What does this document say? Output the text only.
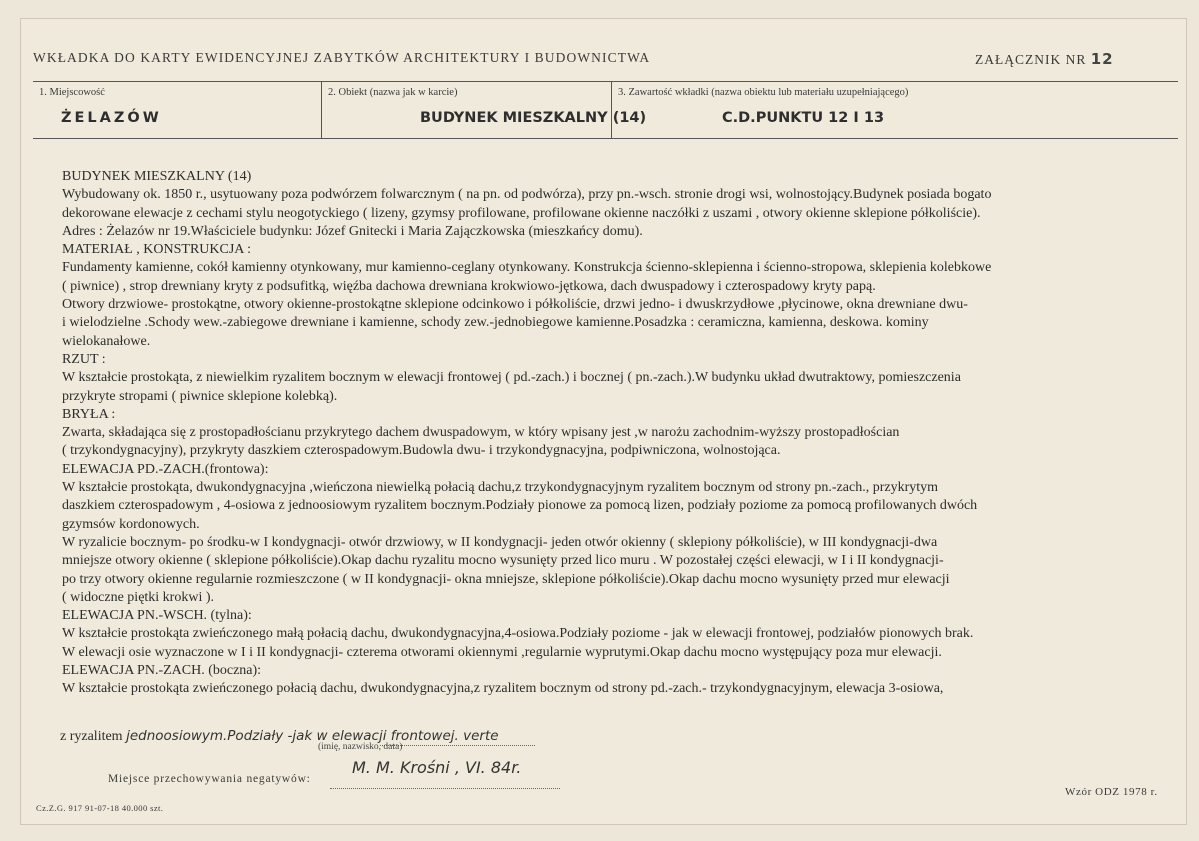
WKŁADKA DO KARTY EWIDENCYJNEJ ZABYTKÓW ARCHITEKTURY I BUDOWNICTWA	ZAŁĄCZNIK NR 12
1. Miejscowość
ŻELAZÓW
2. Obiekt (nazwa jak w karcie)
BUDYNEK MIESZKALNY (14)
3. Zawartość wkładki (nazwa obiektu lub materiału uzupełniającego)
C.D.PUNKTU 12 I 13
BUDYNEK MIESZKALNY (14)
Wybudowany ok. 1850 r., usytuowany poza podwórzem folwarcznym ( na pn. od podwórza), przy pn.-wsch. stronie drogi wsi, wolnostojący.Budynek posiada bogato
dekorowane elewacje z cechami stylu neogotyckiego ( lizeny, gzymsy profilowane, profilowane okienne naczółki z uszami , otwory okienne sklepione półkoliście).
Adres : Żelazów nr 19.Właściciele budynku: Józef Gnitecki i Maria Zajączkowska (mieszkańcy domu).
MATERIAŁ , KONSTRUKCJA :
Fundamenty kamienne, cokół kamienny otynkowany, mur kamienno-ceglany otynkowany. Konstrukcja ścienno-sklepienna i ścienno-stropowa, sklepienia kolebkowe
( piwnice) , strop drewniany kryty z podsufitką, więźba dachowa drewniana krokwiowo-jętkowa, dach dwuspadowy i czterospadowy kryty papą.
Otwory drzwiowe- prostokątne, otwory okienne-prostokątne sklepione odcinkowo i półkoliście, drzwi jedno- i dwuskrzydłowe ,płycinowe, okna drewniane dwu-
i wielodzielne .Schody wew.-zabiegowe drewniane i kamienne, schody zew.-jednobiegowe kamienne.Posadzka : ceramiczna, kamienna, deskowa. kominy
wielokanałowe.
RZUT :
W kształcie prostokąta, z niewielkim ryzalitem bocznym w elewacji frontowej ( pd.-zach.) i bocznej ( pn.-zach.).W budynku układ dwutraktowy, pomieszczenia
przykryte stropami ( piwnice sklepione kolebką).
BRYŁA :
Zwarta, składająca się z prostopadłościanu przykrytego dachem dwuspadowym, w który wpisany jest ,w narożu zachodnim-wyższy prostopadłościan
( trzykondygnacyjny), przykryty daszkiem czterospadowym.Budowla dwu- i trzykondygnacyjna, podpiwniczona, wolnostojąca.
ELEWACJA PD.-ZACH.(frontowa):
W kształcie prostokąta, dwukondygnacyjna ,wieńczona niewielką połacią dachu,z trzykondygnacyjnym ryzalitem bocznym od strony pn.-zach., przykrytym
daszkiem czterospadowym , 4-osiowa z jednoosiowym ryzalitem bocznym.Podziały pionowe za pomocą lizen, podziały poziome za pomocą profilowanych dwóch
gzymsów kordonowych.
W ryzalicie bocznym- po środku-w I kondygnacji- otwór drzwiowy, w II kondygnacji- jeden otwór okienny ( sklepiony półkoliście), w III kondygnacji-dwa
mniejsze otwory okienne ( sklepione półkoliście).Okap dachu ryzalitu mocno wysunięty przed lico muru . W pozostałej części elewacji, w I i II kondygnacji-
po trzy otwory okienne regularnie rozmieszczone ( w II kondygnacji- okna mniejsze, sklepione półkoliście).Okap dachu mocno wysunięty przed mur elewacji
( widoczne piętki krokwi ).
ELEWACJA PN.-WSCH. (tylna):
W kształcie prostokąta zwieńczonego małą połacią dachu, dwukondygnacyjna,4-osiowa.Podziały poziome - jak w elewacji frontowej, podziałów pionowych brak.
W elewacji osie wyznaczone w I i II kondygnacji- czterema otworami okiennymi ,regularnie wyprutymi.Okap dachu mocno występujący poza mur elewacji.
ELEWACJA PN.-ZACH. (boczna):
W kształcie prostokąta zwieńczonego połacią dachu, dwukondygnacyjna,z ryzalitem bocznym od strony pd.-zach.- trzykondygnacyjnym, elewacja 3-osiowa,
z ryzalitem jednoosiowym.Podziały -jak w elewacji frontowej. verte
(imię, nazwisko, data)
Miejsce przechowywania negatywów:
M. M. Krośni , VI. 84r.
Cz.Z.G. 917 91-07-18 40.000 szt.
Wzór ODZ 1978 r.
